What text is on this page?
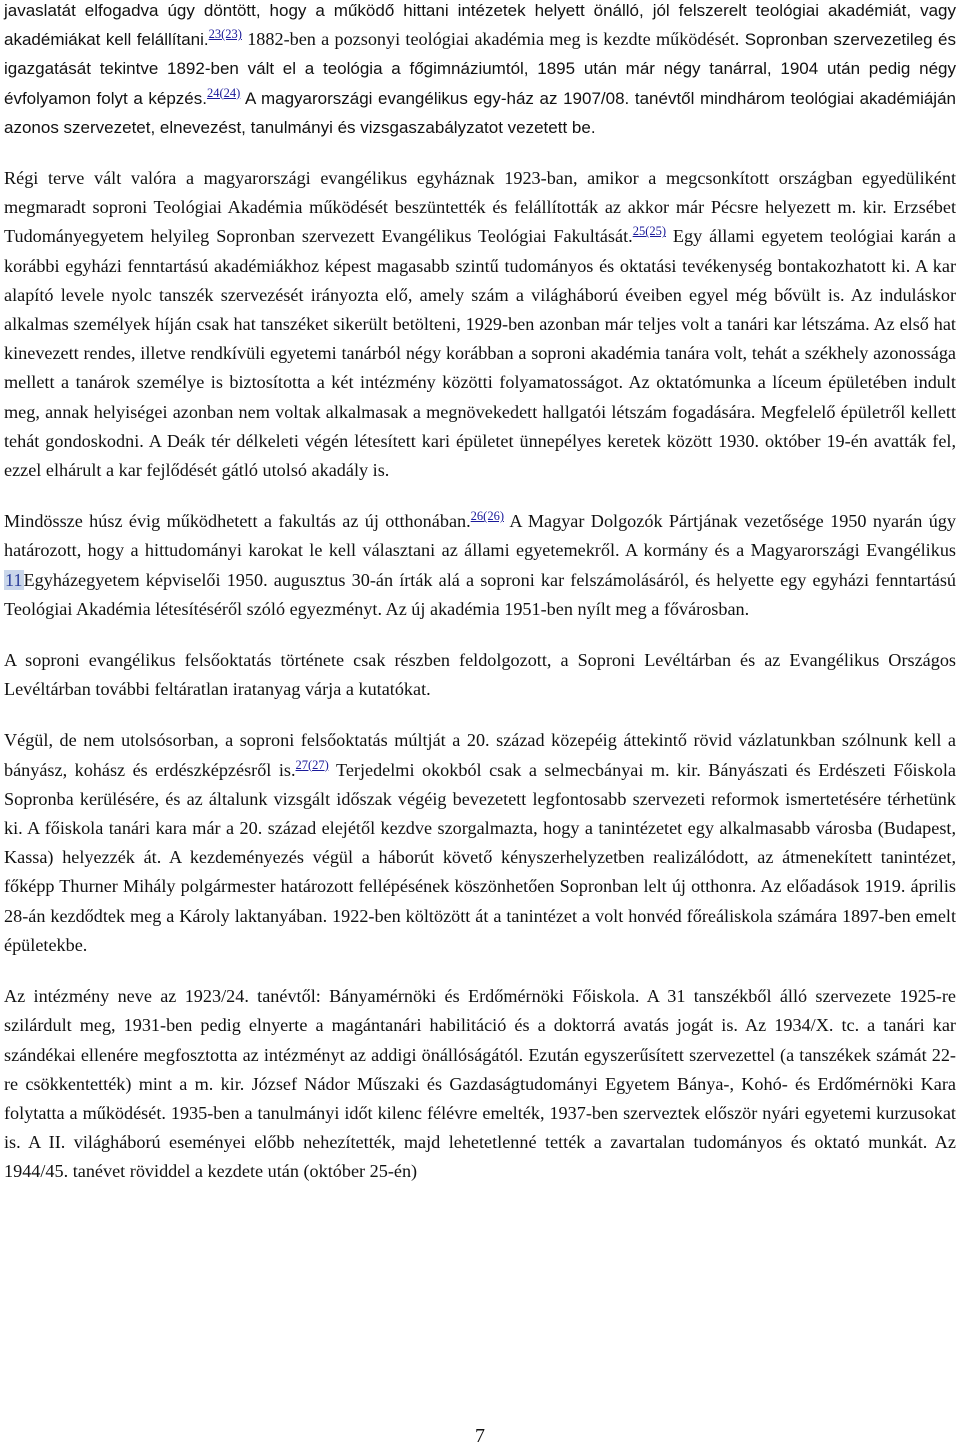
javaslatát elfogadva úgy döntött, hogy a működő hittani intézetek helyett önálló, jól felszerelt teológiai akadémiát, vagy akadémiákat kell felállítani.$^{23(23)}$ 1882-ben a pozsonyi teológiai akadémia meg is kezdte működését. Sopronban szervezetileg és igazgatását tekintve 1892-ben vált el a teológia a főgimnáziumtól, 1895 után már négy tanárral, 1904 után pedig négy évfolyamon folyt a képzés.$^{24(24)}$ A magyarországi evangélikus egy-ház az 1907/08. tanévtől mindhárom teológiai akadémiáján azonos szervezetet, elnevezést, tanulmányi és vizsgaszabályzatot vezetett be.

Régi terve vált valóra a magyarországi evangélikus egyháznak 1923-ban, amikor a megcsonkított országban egyedüliként megmaradt soproni Teológiai Akadémia működését beszüntették és felállították az akkor már Pécsre helyezett m. kir. Erzsébet Tudományegyetem helyileg Sopronban szervezett Evangélikus Teológiai Fakultását.$^{25(25)}$ Egy állami egyetem teológiai karán a korábbi egyházi fenntartású akadémiákhoz képest magasabb szintű tudományos és oktatási tevékenység bontakozhatott ki. A kar alapító levele nyolc tanszék szervezését irányozta elő, amely szám a világháború éveiben egyel még bővült is. Az induláskor alkalmas személyek híján csak hat tanszéket sikerült betölteni, 1929-ben azonban már teljes volt a tanári kar létszáma. Az első hat kinevezett rendes, illetve rendkívüli egyetemi tanárból négy korábban a soproni akadémia tanára volt, tehát a székhely azonossága mellett a tanárok személye is biztosította a két intézmény közötti folyamatosságot. Az oktatómunka a líceum épületében indult meg, annak helyiségei azonban nem voltak alkalmasak a megnövekedett hallgatói létszám fogadására. Megfelelő épületről kellett tehát gondoskodni. A Deák tér délkeleti végén létesített kari épületet ünnepélyes keretek között 1930. október 19-én avatták fel, ezzel elhárult a kar fejlődését gátló utolsó akadály is.

Mindössze húsz évig működhetett a fakultás az új otthonában.$^{26(26)}$ A Magyar Dolgozók Pártjának vezetősége 1950 nyarán úgy határozott, hogy a hittudományi karokat le kell választani az állami egyetemekről. A kormány és a Magyarországi Evangélikus 11Egyházegyetem képviselői 1950. augusztus 30-án írták alá a soproni kar felszámolásáról, és helyette egy egyházi fenntartású Teológiai Akadémia létesítéséről szóló egyezményt. Az új akadémia 1951-ben nyílt meg a fővárosban.

A soproni evangélikus felsőoktatás története csak részben feldolgozott, a Soproni Levéltárban és az Evangélikus Országos Levéltárban további feltáratlan iratanyag várja a kutatókat.

Végül, de nem utolsósorban, a soproni felsőoktatás múltját a 20. század közepéig áttekintő rövid vázlatunkban szólnunk kell a bányász, kohász és erdészképzésről is.$^{27(27)}$ Terjedelmi okokból csak a selmecbányai m. kir. Bányászati és Erdészeti Főiskola Sopronba kerülésére, és az általunk vizsgált időszak végéig bevezetett legfontosabb szervezeti reformok ismertetésére térhetünk ki. A főiskola tanári kara már a 20. század elejétől kezdve szorgalmazta, hogy a tanintézetet egy alkalmasabb városba (Budapest, Kassa) helyezzék át. A kezdeményezés végül a háborút követő kényszerhelyzetben realizálódott, az átmenekített tanintézet, főképp Thurner Mihály polgármester határozott fellépésének köszönhetően Sopronban lelt új otthonra. Az előadások 1919. április 28-án kezdődtek meg a Károly laktanyában. 1922-ben költözött át a tanintézet a volt honvéd főreáliskola számára 1897-ben emelt épületekbe.

Az intézmény neve az 1923/24. tanévtől: Bányamérnöki és Erdőmérnöki Főiskola. A 31 tanszékből álló szervezete 1925-re szilárdult meg, 1931-ben pedig elnyerte a magántanári habilitáció és a doktorrá avatás jogát is. Az 1934/X. tc. a tanári kar szándékai ellenére megfosztotta az intézményt az addigi önállóságától. Ezután egyszerűsített szervezettel (a tanszékek számát 22-re csökkentették) mint a m. kir. József Nádor Műszaki és Gazdaságtudományi Egyetem Bánya-, Kohó- és Erdőmérnöki Kara folytatta a működését. 1935-ben a tanulmányi időt kilenc félévre emelték, 1937-ben szerveztek először nyári egyetemi kurzusokat is. A II. világháború eseményei előbb nehezítették, majd lehetetlenné tették a zavartalan tudományos és oktató munkát. Az 1944/45. tanévet röviddel a kezdete után (október 25-én)

7
